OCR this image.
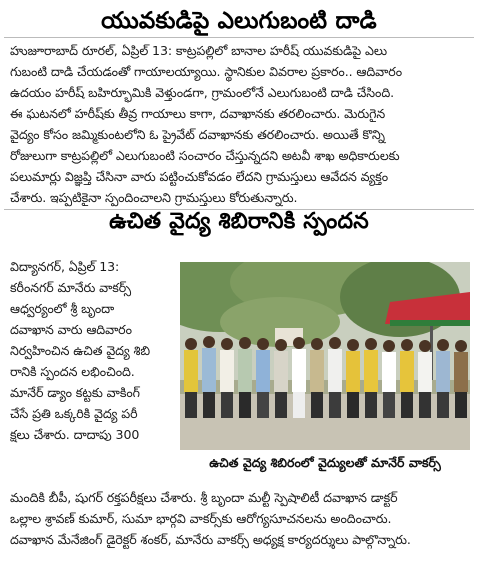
యువకుడిపై ఎలుగుబంటి దాడి
హుజూరాబాద్ రూరల్, ఏప్రిల్ 13: కాట్రపల్లిలో బానాల హరీష్ యువకుడిపై ఎలు
గుబంటి దాడి చేయడంతో గాయాలయ్యాయి. స్థానికుల వివరాల ప్రకారం.. ఆదివారం
ఉదయం హరీష్ బహిర్భూమికి వెళ్తుండగా, గ్రామంలోనే ఎలుగుబంటి దాడి చేసింది.
ఈ ఘటనలో హరీష్‌కు తీవ్ర గాయాలు కాగా, దవాఖానకు తరలించారు. మెరుగైన
వైద్యం కోసం జమ్మికుంటలోని ఓ ప్రైవేట్ దవాఖానకు తరలించారు. అయితే కొన్ని
రోజులుగా కాట్రపల్లిలో ఎలుగుబంటి సంచారం చేస్తున్నదని అటవీ శాఖ అధికారులకు
పలుమార్లు విజ్ఞప్తి చేసినా వారు పట్టించుకోవడం లేదని గ్రామస్తులు ఆవేదన వ్యక్తం
చేశారు. ఇప్పటికైనా స్పందించాలని గ్రామస్తులు కోరుతున్నారు.
ఉచిత వైద్య శిబిరానికి స్పందన
విద్యానగర్, ఏప్రిల్ 13:
కరీంనగర్ మానేరు వాకర్స్
ఆధ్వర్యంలో శ్రీ బృందా
దవాఖాన వారు ఆదివారం
నిర్వహించిన ఉచిత వైద్య శిబి
రానికి స్పందన లభించింది.
మానేర్ డ్యాం కట్టకు వాకింగ్
చేసే ప్రతి ఒక్కరికి వైద్య పరీ
క్షలు చేశారు. దాదాపు 300
ఉచిత వైద్య శిబిరంలో వైద్యులతో మానేర్ వాకర్స్
మందికి బీపీ, షుగర్ రక్తపరీక్షలు చేశారు. శ్రీ బృందా మల్టీ స్పెషాలిటీ దవాఖాన డాక్టర్
ఒల్లాల శ్రావణ్ కుమార్, సుమా భార్గవి వాకర్స్‌కు ఆరోగ్యసూచనలను అందించారు.
దవాఖాన మేనేజింగ్ డైరెక్టర్ శంకర్, మానేరు వాకర్స్ అధ్యక్ష కార్యదర్శులు పాల్గొన్నారు.
